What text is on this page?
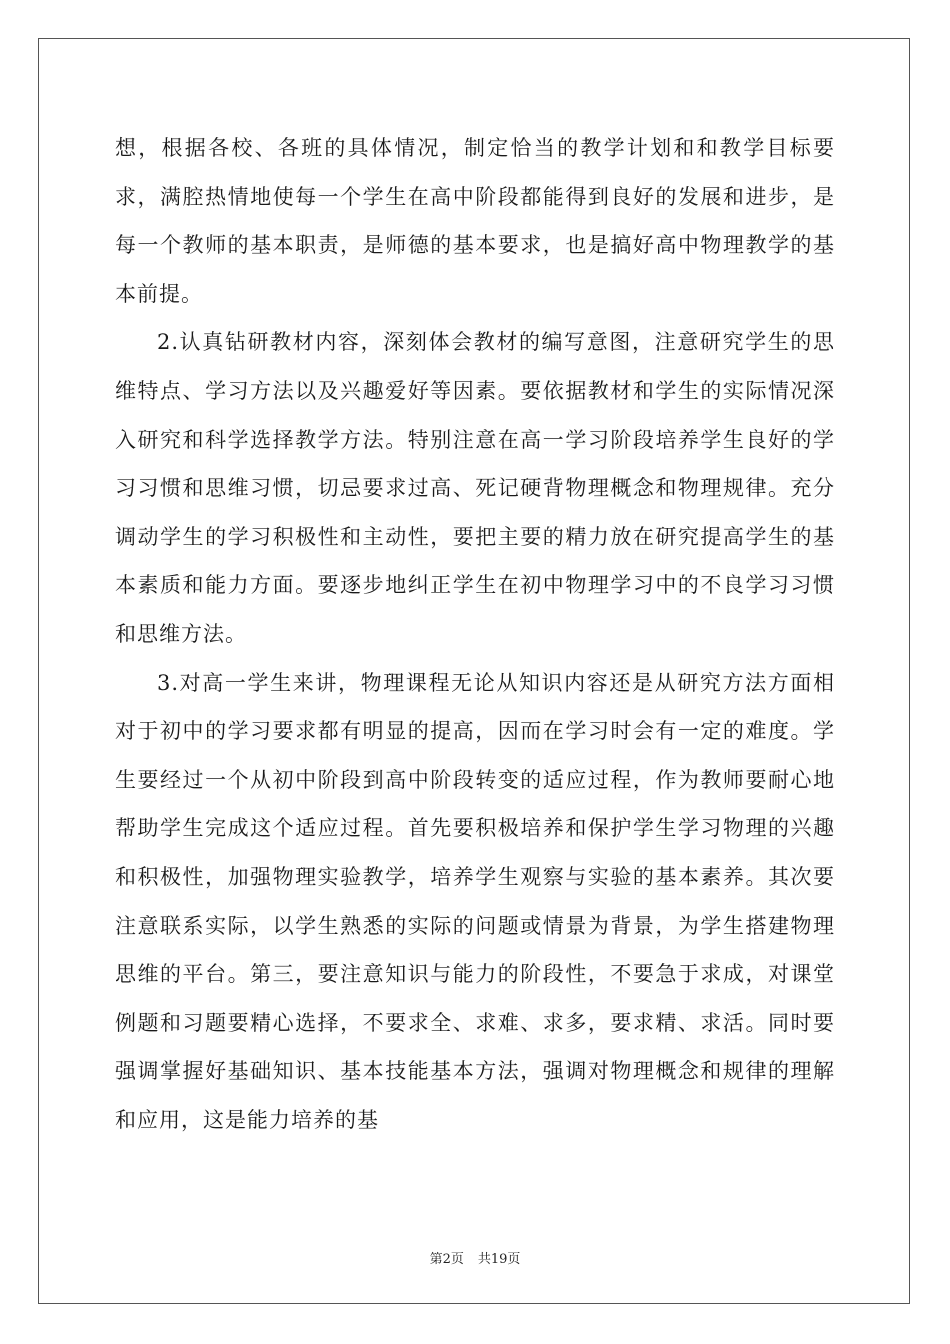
想，根据各校、各班的具体情况，制定恰当的教学计划和和教学目标要求，满腔热情地使每一个学生在高中阶段都能得到良好的发展和进步，是每一个教师的基本职责，是师德的基本要求，也是搞好高中物理教学的基本前提。

2.认真钻研教材内容，深刻体会教材的编写意图，注意研究学生的思维特点、学习方法以及兴趣爱好等因素。要依据教材和学生的实际情况深入研究和科学选择教学方法。特别注意在高一学习阶段培养学生良好的学习习惯和思维习惯，切忌要求过高、死记硬背物理概念和物理规律。充分调动学生的学习积极性和主动性，要把主要的精力放在研究提高学生的基本素质和能力方面。要逐步地纠正学生在初中物理学习中的不良学习习惯和思维方法。

3.对高一学生来讲，物理课程无论从知识内容还是从研究方法方面相对于初中的学习要求都有明显的提高，因而在学习时会有一定的难度。学生要经过一个从初中阶段到高中阶段转变的适应过程，作为教师要耐心地帮助学生完成这个适应过程。首先要积极培养和保护学生学习物理的兴趣和积极性，加强物理实验教学，培养学生观察与实验的基本素养。其次要注意联系实际，以学生熟悉的实际的问题或情景为背景，为学生搭建物理思维的平台。第三，要注意知识与能力的阶段性，不要急于求成，对课堂例题和习题要精心选择，不要求全、求难、求多，要求精、求活。同时要强调掌握好基础知识、基本技能基本方法，强调对物理概念和规律的理解和应用，这是能力培养的基

第2页 共19页
